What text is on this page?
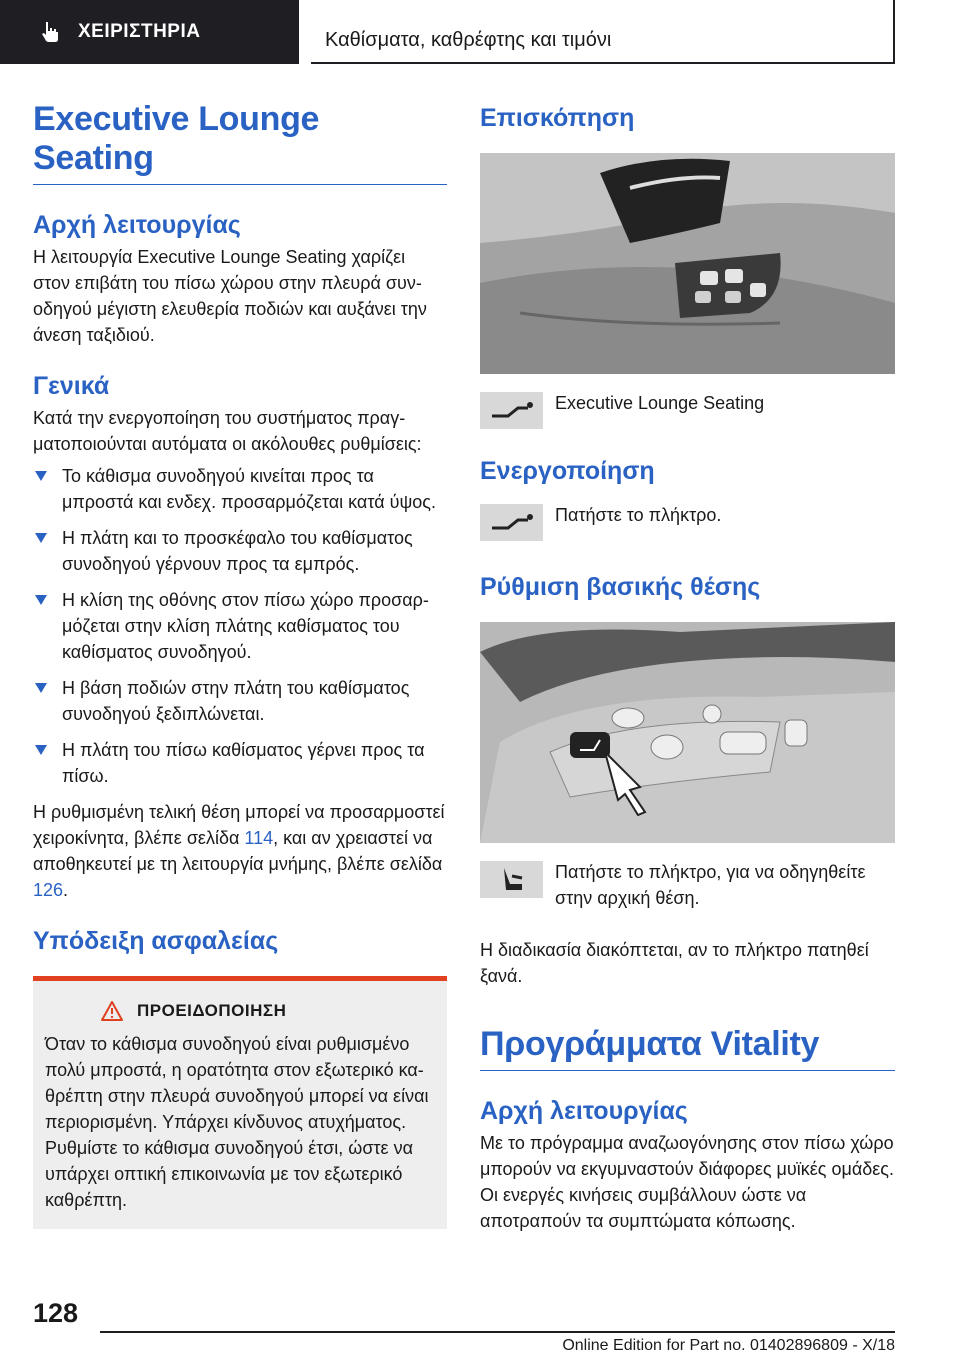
ΧΕΙΡΙΣΤΗΡΙΑ	Καθίσματα, καθρέφτης και τιμόνι
Executive Lounge Seating
Αρχή λειτουργίας

Η λειτουργία Executive Lounge Seating χαρίζει στον επιβάτη του πίσω χώρου στην πλευρά συνοδηγού μέγιστη ελευθερία ποδιών και αυξάνει την άνεση ταξιδιού.

Γενικά

Κατά την ενεργοποίηση του συστήματος πραγματοποιούνται αυτόματα οι ακόλουθες ρυθμίσεις:

Το κάθισμα συνοδηγού κινείται προς τα μπροστά και ενδεχ. προσαρμόζεται κατά ύψος.
Η πλάτη και το προσκέφαλο του καθίσματος συνοδηγού γέρνουν προς τα εμπρός.
Η κλίση της οθόνης στον πίσω χώρο προσαρμόζεται στην κλίση πλάτης καθίσματος του καθίσματος συνοδηγού.
Η βάση ποδιών στην πλάτη του καθίσματος συνοδηγού ξεδιπλώνεται.
Η πλάτη του πίσω καθίσματος γέρνει προς τα πίσω.

Η ρυθμισμένη τελική θέση μπορεί να προσαρμοστεί χειροκίνητα, βλέπε σελίδα 114, και αν χρειαστεί να αποθηκευτεί με τη λειτουργία μνήμης, βλέπε σελίδα 126.

Υπόδειξη ασφαλείας
ΠΡΟΕΙΔΟΠΟΙΗΣΗ

Όταν το κάθισμα συνοδηγού είναι ρυθμισμένο πολύ μπροστά, η ορατότητα στον εξωτερικό καθρέπτη στην πλευρά συνοδηγού μπορεί να είναι περιορισμένη. Υπάρχει κίνδυνος ατυχήματος. Ρυθμίστε το κάθισμα συνοδηγού έτσι, ώστε να υπάρχει οπτική επικοινωνία με τον εξωτερικό καθρέπτη.

Επισκόπηση
Executive Lounge Seating
Ενεργοποίηση
Πατήστε το πλήκτρο.
Ρύθμιση βασικής θέσης
Πατήστε το πλήκτρο, για να οδηγηθείτε στην αρχική θέση.

Η διαδικασία διακόπτεται, αν το πλήκτρο πατηθεί ξανά.

Προγράμματα Vitality
Αρχή λειτουργίας

Με το πρόγραμμα αναζωογόνησης στον πίσω χώρο μπορούν να εκγυμναστούν διάφορες μυϊκές ομάδες. Οι ενεργές κινήσεις συμβάλλουν ώστε να αποτραπούν τα συμπτώματα κόπωσης.

128
Online Edition for Part no. 01402896809 - X/18
